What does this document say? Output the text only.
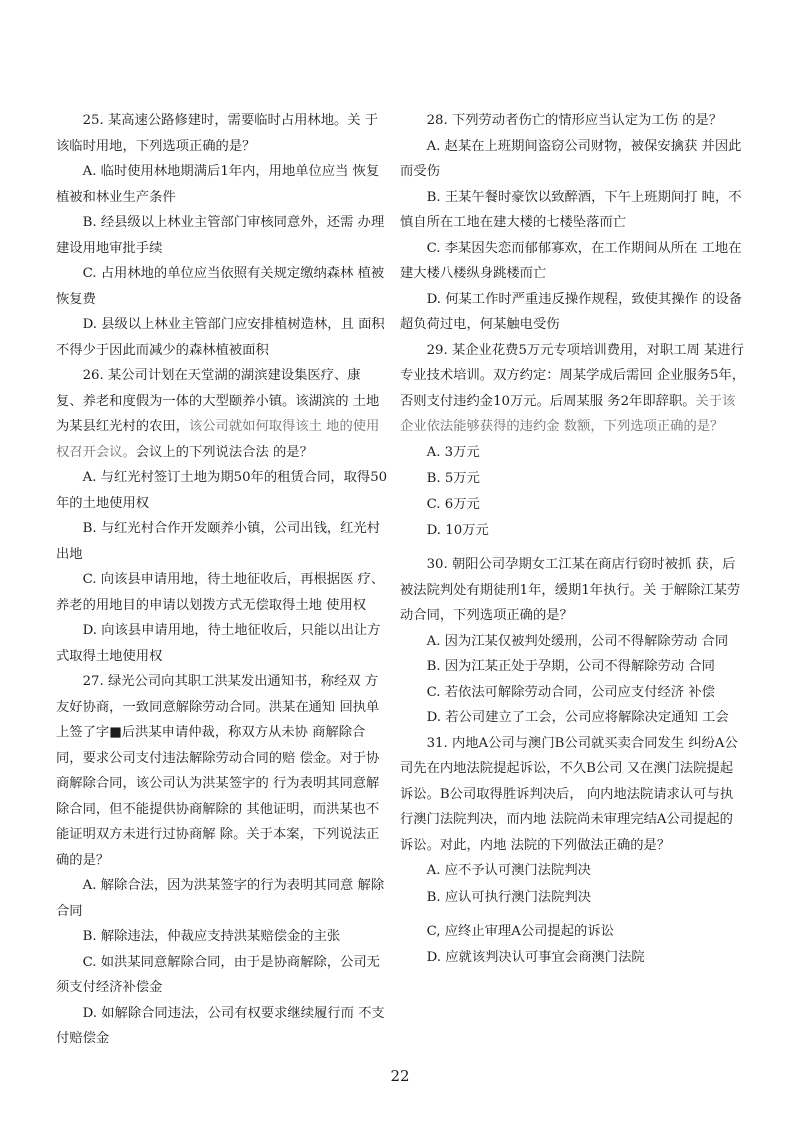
25. 某高速公路修建时，需要临时占用林地。关 于该临时用地，下列选项正确的是？

A. 临时使用林地期满后1年内，用地单位应当 恢复植被和林业生产条件

B. 经县级以上林业主管部门审核同意外，还需 办理建设用地审批手续

C. 占用林地的单位应当依照有关规定缴纳森林 植被恢复费

D. 县级以上林业主管部门应安排植树造林，且 面积不得少于因此而减少的森林植被面积

26. 某公司计划在天堂湖的湖滨建设集医疗、康 复、养老和度假为一体的大型颐养小镇。该湖滨的 土地为某县红光村的农田，该公司就如何取得该土 地的使用权召开会议。会议上的下列说法合法 的是？

A. 与红光村签订土地为期50年的租赁合同，取得50年的土地使用权

B. 与红光村合作开发颐养小镇，公司出钱，红光村出地

C. 向该县申请用地，待土地征收后，再根据医 疗、养老的用地目的申请以划拨方式无偿取得土地 使用权

D. 向该县申请用地，待土地征收后，只能以出让方式取得土地使用权

27. 绿光公司向其职工洪某发出通知书，称经双 方友好协商，一致同意解除劳动合同。洪某在通知 回执单上签了字■后洪某申请仲裁，称双方从未协 商解除合同，要求公司支付违法解除劳动合同的赔 偿金。对于协商解除合同，该公司认为洪某签字的 行为表明其同意解除合同，但不能提供协商解除的 其他证明，而洪某也不能证明双方未进行过协商解 除。关于本案，下列说法正确的是？

A. 解除合法，因为洪某签字的行为表明其同意 解除合同

B. 解除违法，仲裁应支持洪某赔偿金的主张

C. 如洪某同意解除合同，由于是协商解除，公司无须支付经济补偿金

D. 如解除合同违法，公司有权要求继续履行而 不支付赔偿金

28. 下列劳动者伤亡的情形应当认定为工伤 的是？

A. 赵某在上班期间盗窃公司财物，被保安擒获 并因此而受伤

B. 王某午餐时豪饮以致醉酒，下午上班期间打 盹，不慎自所在工地在建大楼的七楼坠落而亡

C. 李某因失恋而郁郁寡欢，在工作期间从所在 工地在建大楼八楼纵身跳楼而亡

D. 何某工作时严重违反操作规程，致使其操作 的设备超负荷过电，何某触电受伤

29. 某企业花费5万元专项培训费用，对职工周 某进行专业技术培训。双方约定：周某学成后需回 企业服务5年，否则支付违约金10万元。后周某服 务2年即辞职。关于该企业依法能够获得的违约金 数额，下列选项正确的是？

A. 3万元

B. 5万元

C. 6万元

D. 10万元

30. 朝阳公司孕期女工江某在商店行窃时被抓 获，后被法院判处有期徒刑1年，缓期1年执行。关 于解除江某劳动合同，下列选项正确的是？

A. 因为江某仅被判处缓刑，公司不得解除劳动 合同

B. 因为江某正处于孕期，公司不得解除劳动 合同

C. 若依法可解除劳动合同，公司应支付经济 补偿

D. 若公司建立了工会，公司应将解除决定通知 工会

31. 内地A公司与澳门B公司就买卖合同发生 纠纷A公司先在内地法院提起诉讼，不久B公司 又在澳门法院提起诉讼。B公司取得胜诉判决后， 向内地法院请求认可与执行澳门法院判决，而内地 法院尚未审理完结A公司提起的诉讼。对此，内地 法院的下列做法正确的是？

A. 应不予认可澳门法院判决

B. 应认可执行澳门法院判决

C, 应终止审理A公司提起的诉讼

D. 应就该判决认可事宜会商澳门法院

22
